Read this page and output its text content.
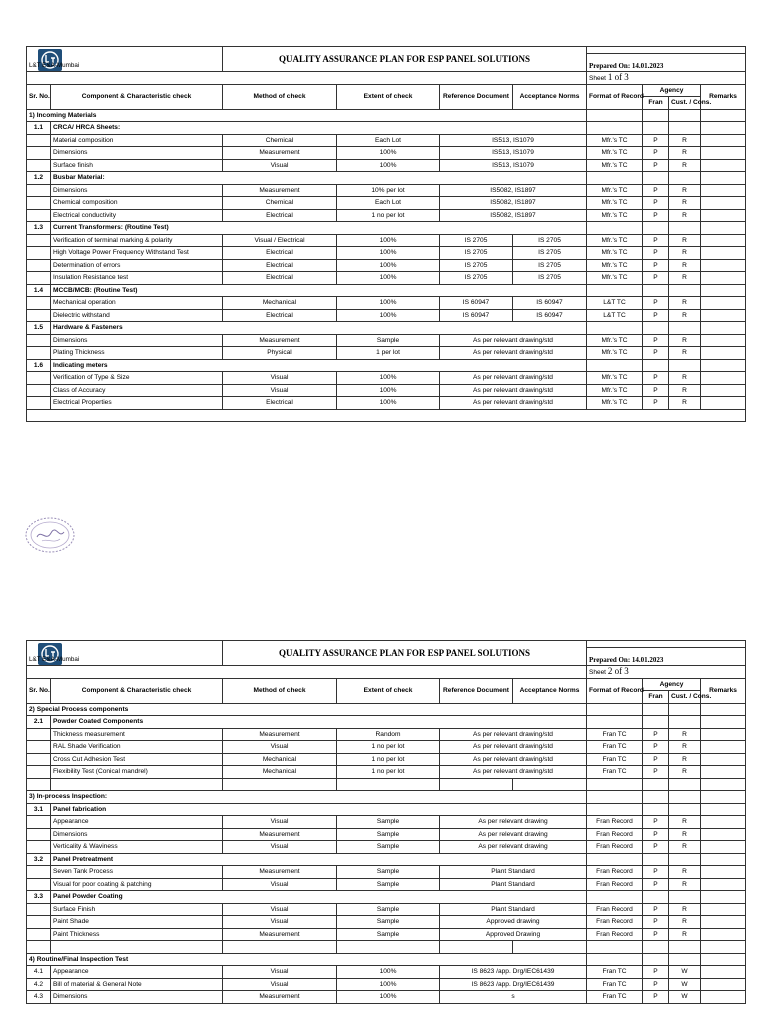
L&T E&A-Mumbai		QUALITY ASSURANCE PLAN FOR ESP PANEL SOLUTIONS				Prepared On: 14.01.2023			

						Sheet 1 of 3			
Sr. No.	Component & Characteristic check	Method of check	Extent of check	Reference Document	Acceptance Norms	Format of Record	Agency		Remarks
							Fran	Cust. / Cons.	
1) Incoming Materials									
1.1	CRCA/ HRCA Sheets:								
	Material composition	Chemical	Each Lot	IS513, IS1079		Mfr.'s TC	P	R	
	Dimensions	Measurement	100%	IS513, IS1079		Mfr.'s TC	P	R	
	Surface finish	Visual	100%	IS513, IS1079		Mfr.'s TC	P	R	
1.2	Busbar Material:								
	Dimensions	Measurement	10% per lot	IS5082, IS1897		Mfr.'s TC	P	R	
	Chemical composition	Chemical	Each Lot	IS5082, IS1897		Mfr.'s TC	P	R	
	Electrical conductivity	Electrical	1 no per lot	IS5082, IS1897		Mfr.'s TC	P	R	
1.3	Current Transformers: (Routine Test)								
	Verification of terminal marking & polarity	Visual / Electrical	100%	IS 2705	IS 2705	Mfr.'s TC	P	R	
	High Voltage Power Frequency Withstand Test	Electrical	100%	IS 2705	IS 2705	Mfr.'s TC	P	R	
	Determination of errors	Electrical	100%	IS 2705	IS 2705	Mfr.'s TC	P	R	
	Insulation Resistance test	Electrical	100%	IS 2705	IS 2705	Mfr.'s TC	P	R	
1.4	MCCB/MCB: (Routine Test)								
	Mechanical operation	Mechanical	100%	IS 60947	IS 60947	L&T TC	P	R	
	Dielectric withstand	Electrical	100%	IS 60947	IS 60947	L&T TC	P	R	
1.5	Hardware & Fasteners								
	Dimensions	Measurement	Sample	As per relevant drawing/std		Mfr.'s TC	P	R	
	Plating Thickness	Physical	1 per lot	As per relevant drawing/std		Mfr.'s TC	P	R	
1.6	Indicating meters								
	Verification of Type & Size	Visual	100%	As per relevant drawing/std		Mfr.'s TC	P	R	
	Class of Accuracy	Visual	100%	As per relevant drawing/std		Mfr.'s TC	P	R	
	Electrical Properties	Electrical	100%	As per relevant drawing/std		Mfr.'s TC	P	R	

L&T E&A-Mumbai		QUALITY ASSURANCE PLAN FOR ESP PANEL SOLUTIONS				Prepared On: 14.01.2023			

						Sheet 2 of 3			
Sr. No.	Component & Characteristic check	Method of check	Extent of check	Reference Document	Acceptance Norms	Format of Record	Agency		Remarks
							Fran	Cust. / Cons.	
2) Special Process components									
2.1	Powder Coated Components								
	Thickness measurement	Measurement	Random	As per relevant drawing/std		Fran TC	P	R	
	RAL Shade Verification	Visual	1 no per lot	As per relevant drawing/std		Fran TC	P	R	
	Cross Cut Adhesion Test	Mechanical	1 no per lot	As per relevant drawing/std		Fran TC	P	R	
	Flexibility Test (Conical mandrel)	Mechanical	1 no per lot	As per relevant drawing/std		Fran TC	P	R	

3) In-process Inspection:									
3.1	Panel fabrication								
	Appearance	Visual	Sample	As per relevant drawing		Fran Record	P	R	
	Dimensions	Measurement	Sample	As per relevant drawing		Fran Record	P	R	
	Verticality & Waviness	Visual	Sample	As per relevant drawing		Fran Record	P	R	
3.2	Panel Pretreatment								
	Seven Tank Process	Measurement	Sample	Plant Standard		Fran Record	P	R	
	Visual for poor coating & patching	Visual	Sample	Plant Standard		Fran Record	P	R	
3.3	Panel Powder Coating								
	Surface Finish	Visual	Sample	Plant Standard		Fran Record	P	R	
	Paint Shade	Visual	Sample	Approved drawing		Fran Record	P	R	
	Paint Thickness	Measurement	Sample	Approved Drawing		Fran Record	P	R	

4) Routine/Final Inspection Test									
4.1	Appearance	Visual	100%	IS 8623 /app. Drg/IEC61439		Fran TC	P	W	
4.2	Bill of material & General Note	Visual	100%	IS 8623 /app. Drg/IEC61439		Fran TC	P	W	
4.3	Dimensions	Measurement	100%	s		Fran TC	P	W	
